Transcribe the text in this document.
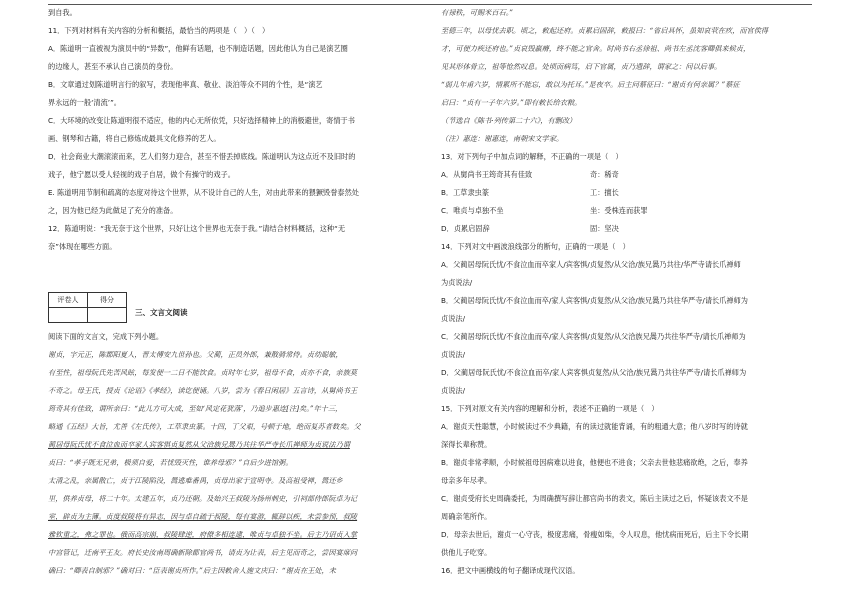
到自我。
11．下列对材料有关内容的分析和概括，最恰当的两项是（　）（　）
A．陈道明一直被视为演员中的“异数”，他鲜有话题，也不制造话题，因此他认为自己是演艺圈
的边缘人，甚至不承认自己演员的身份。
B．文章通过划陈道明言行的叙写，表现他率真、敬业、淡泊等众不同的个性，是“演艺
界永远的一般‘清流’”。
C．大环境的改变让陈道明很不适应，他的内心无所依凭，只好选择精神上的消极避世，寄情于书
画、钢琴和古籍，将自己修炼成最具文化修养的艺人。
D．社会商业大潮滚滚而来，艺人们努力迎合，甚至不惜丢掉底线。陈道明认为这点近不及旧时的
戏子，他宁愿以受人轻视的戏子自居，做个有操守的戏子。
E. 陈道明用节制和疏离的态度对待这个世界，从不设计自己的人生，对由此带来的猥獗毁誉泰然处
之，因为他已经为此做足了充分的准备。
12．陈道明说：“我无奈于这个世界，只好让这个世界也无奈于我。”请结合材料概括，这种“无
奈”体现在哪些方面。
评卷人	得分

三、文言文阅读
阅读下面的文言文，完成下列小题。
谢贞，字元正，陈郡阳夏人，晋太傅安九世孙也。父蔺，正员外郎，兼散骑常侍。贞幼聪敏，
有至性，祖母阮氏先苦风眩，每发便一二日不能饮食。贞时年七岁，祖母不食，贞亦不食，亲族莫
不奇之。母王氏，授贞《论语》《孝经》，读讫便诵。八岁，尝为《春日闲居》五言诗，从舅尚书王
筠奇其有佳致，谓所亲曰：“此儿方可大成，至如‘风定花犹落’，乃追步惠连[注]矣。”年十三，
略通《五经》大旨，尤善《左氏传》，工草隶虫篆。十四，丁父艰，号顿于地，绝而复苏者数矣。父
蔺居母阮氏忧不食泣血而卒家人宾客惧贞复然从父洽族兄暠乃共往华严寺长爪禅师为贞说法乃谓
贞曰：“孝子既无兄弟，极须自爱，若忧毁灭性，谁养母邪？”自后少进馆粥。
太清之乱，亲属散亡，贞于江陵陷没，暠逃难番禺，贞母出家于宣明寺。及高祖受禅，暠还乡
里，供养贞母，将二十年。太建五年，贞乃还朝。及始兴王叔陵为扬州刺史，引祠部侍郎阮卓为记
室，辟贞为主簿。贞度叔陵将有异志，因与卓自疏于叔陵，每有宴游，辄辞以疾，未尝参预，叔陵
雅钦重之，弗之罪也。俄而高宗崩，叔陵肆逆，府僚多相连逮，唯贞与卓独不坐。后主乃诏贞入掌
中宫管记，迁南平王友。府长史汝南周确新除都官尚书，请贞为让表，后主见而奇之，尝因宴席问
确曰：“卿表自制邪？”确对曰：“臣表谢贞所作。”后主因敕舍人施文庆曰：“谢贞在王处，未
有禄秩，可赐米百石。”
至德三年，以母忧去职。顷之，敕起还府。贞累启固辞，敕报曰：“省启具怀，虽知哀茕在疚，而官俟得
才，可便力疾还府也。”贞哀毁羸瘠，终不能之官舍。时尚书右丞徐祖、尚书左丞沈客卿俱来候贞，
见其形体骨立，祖等怆然叹息。处顷而病笃，启下官属，贞乃遗辞，谓家之：问以后事。
“弱儿年甫六岁，情累所不能忘，敢以为托耳。”是夜卒。后主问蔡征曰：“谢贞有何亲属？”蔡征
启曰：“贞有一子年六岁。”即有敕长给衣粮。
（节选自《陈书·列传第二十六》，有删改）
（注）惠连：谢惠连，南朝宋文学家。
13．对下列句子中加点词的解释，不正确的一项是（　）
A．从舅尚书王筠奇其有佳致	奇：稀奇
B．工草隶虫篆	工：擅长
C．唯贞与卓独不坐	坐：受株连而获罪
D．贞累启固辞	固：坚决
14．下列对文中画波浪线部分的断句，正确的一项是（　）
A．父蔺居母阮氏忧/不食泣血而卒家人/宾客惧/贞复然/从父洽/族兄暠乃共往/华严寺请长爪禅师
为贞说法/
B．父蔺居母阮氏忧/不食泣血而卒/家人宾客惧/贞复然/从父洽/族兄暠乃共往华严寺/请长爪禅师为
贞说法/
C．父蔺居母阮氏忧/不食泣血而卒/家人宾客惧/贞复然/从父洽族兄暠乃共往华严寺/请长爪禅师为
贞说法/
D．父蔺居母阮氏忧/不食泣血而卒/家人宾客惧贞复然/从父洽/族兄暠乃共往华严寺/请长爪禅师为
贞说法/
15．下列对原文有关内容的理解和分析，表述不正确的一项是（　）
A．谢贞天性聪慧，小时候读过不少典籍，有的读过就能背诵，有的粗通大意；他八岁时写的诗就
深得长辈称赞。
B．谢贞非常孝顺，小时候祖母因病难以进食，他便也不进食；父亲去世他悲痛欲绝，之后，奉养
母亲多年尽孝。
C．谢贞受府长史周确委托，为周确撰写辞让都官尚书的表文，陈后主读过之后，怀疑该表文不是
周确亲笔所作。
D．母亲去世后，谢贞一心守丧，极度悲痛，骨瘦如柴，令人叹息，他忧病而死后，后主下令长期
供他儿子吃穿。
16．把文中画横线的句子翻译成现代汉语。
